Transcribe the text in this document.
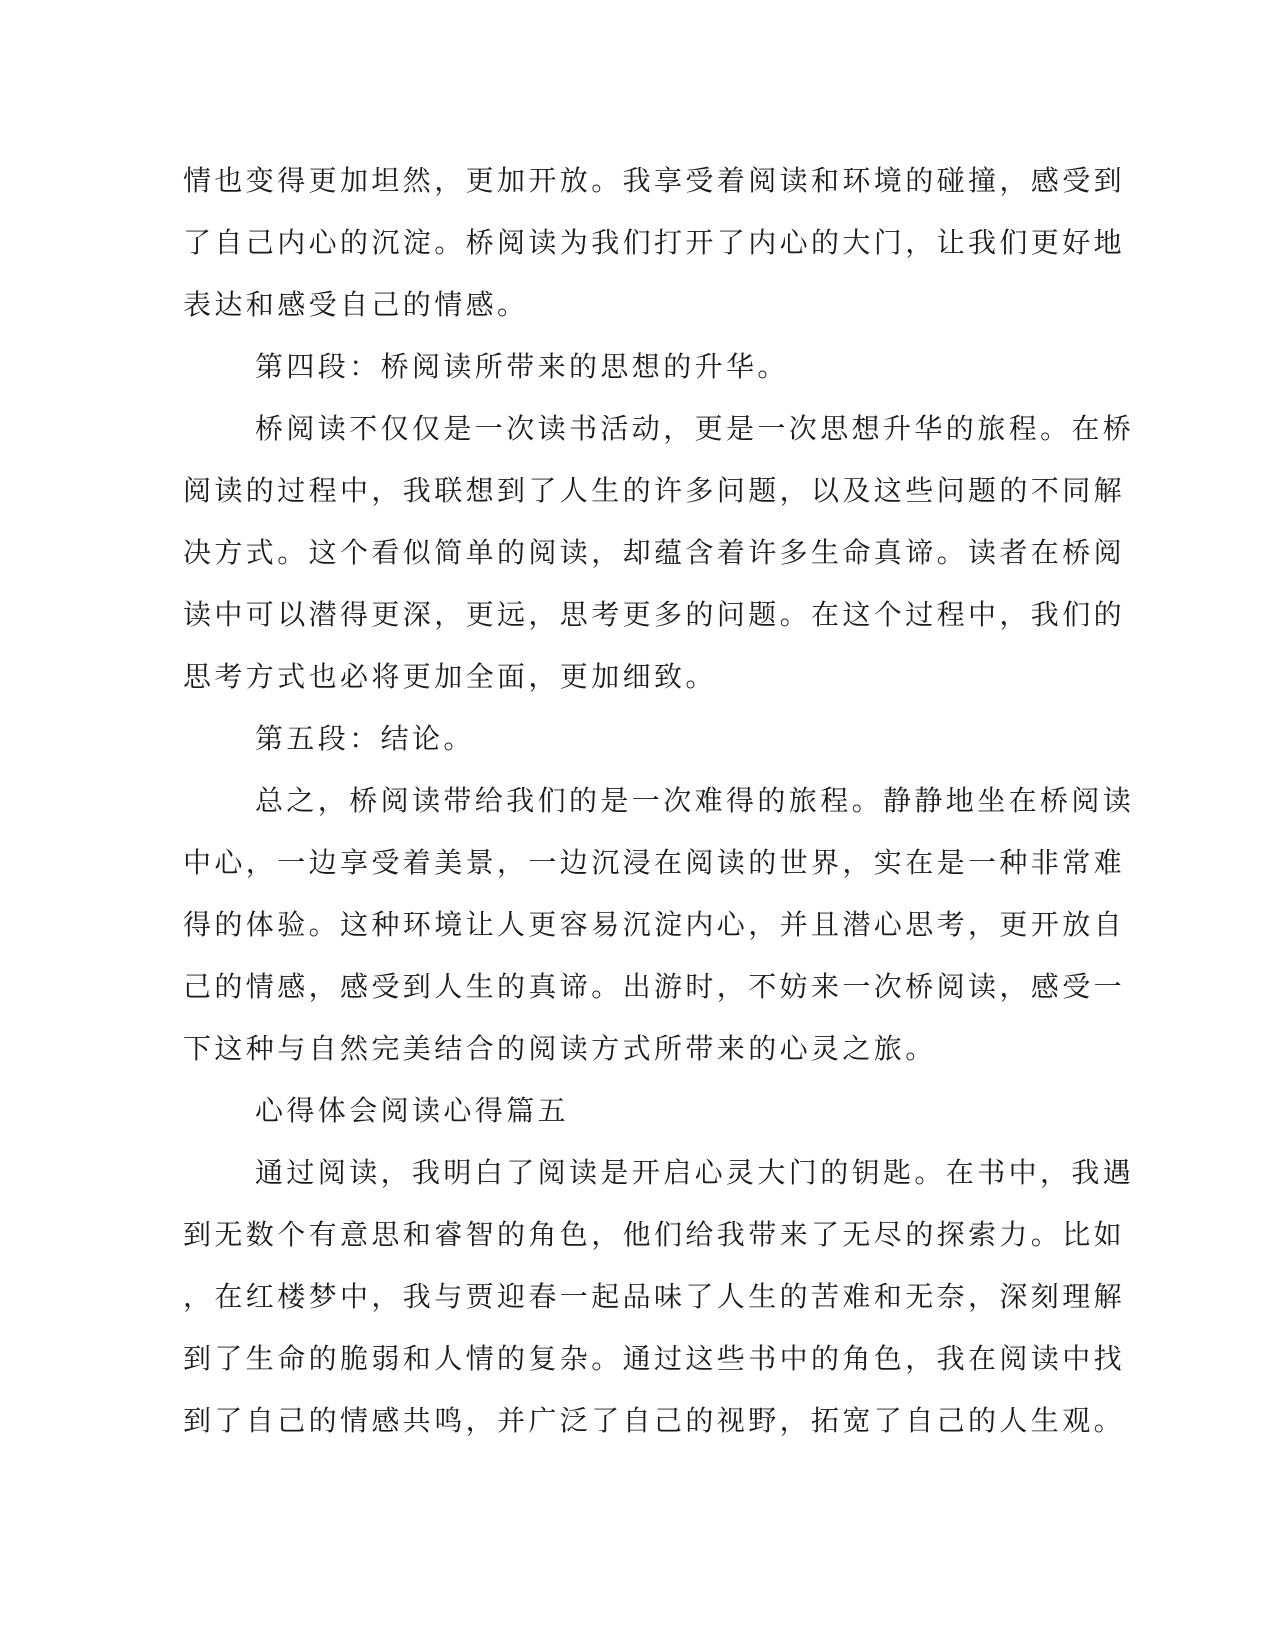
情也变得更加坦然，更加开放。我享受着阅读和环境的碰撞，感受到
了自己内心的沉淀。桥阅读为我们打开了内心的大门，让我们更好地
表达和感受自己的情感。

第四段：桥阅读所带来的思想的升华。

桥阅读不仅仅是一次读书活动，更是一次思想升华的旅程。在桥
阅读的过程中，我联想到了人生的许多问题，以及这些问题的不同解
决方式。这个看似简单的阅读，却蕴含着许多生命真谛。读者在桥阅
读中可以潜得更深，更远，思考更多的问题。在这个过程中，我们的
思考方式也必将更加全面，更加细致。

第五段：结论。

总之，桥阅读带给我们的是一次难得的旅程。静静地坐在桥阅读
中心，一边享受着美景，一边沉浸在阅读的世界，实在是一种非常难
得的体验。这种环境让人更容易沉淀内心，并且潜心思考，更开放自
己的情感，感受到人生的真谛。出游时，不妨来一次桥阅读，感受一
下这种与自然完美结合的阅读方式所带来的心灵之旅。

心得体会阅读心得篇五

通过阅读，我明白了阅读是开启心灵大门的钥匙。在书中，我遇
到无数个有意思和睿智的角色，他们给我带来了无尽的探索力。比如
，在红楼梦中，我与贾迎春一起品味了人生的苦难和无奈，深刻理解
到了生命的脆弱和人情的复杂。通过这些书中的角色，我在阅读中找
到了自己的情感共鸣，并广泛了自己的视野，拓宽了自己的人生观。
